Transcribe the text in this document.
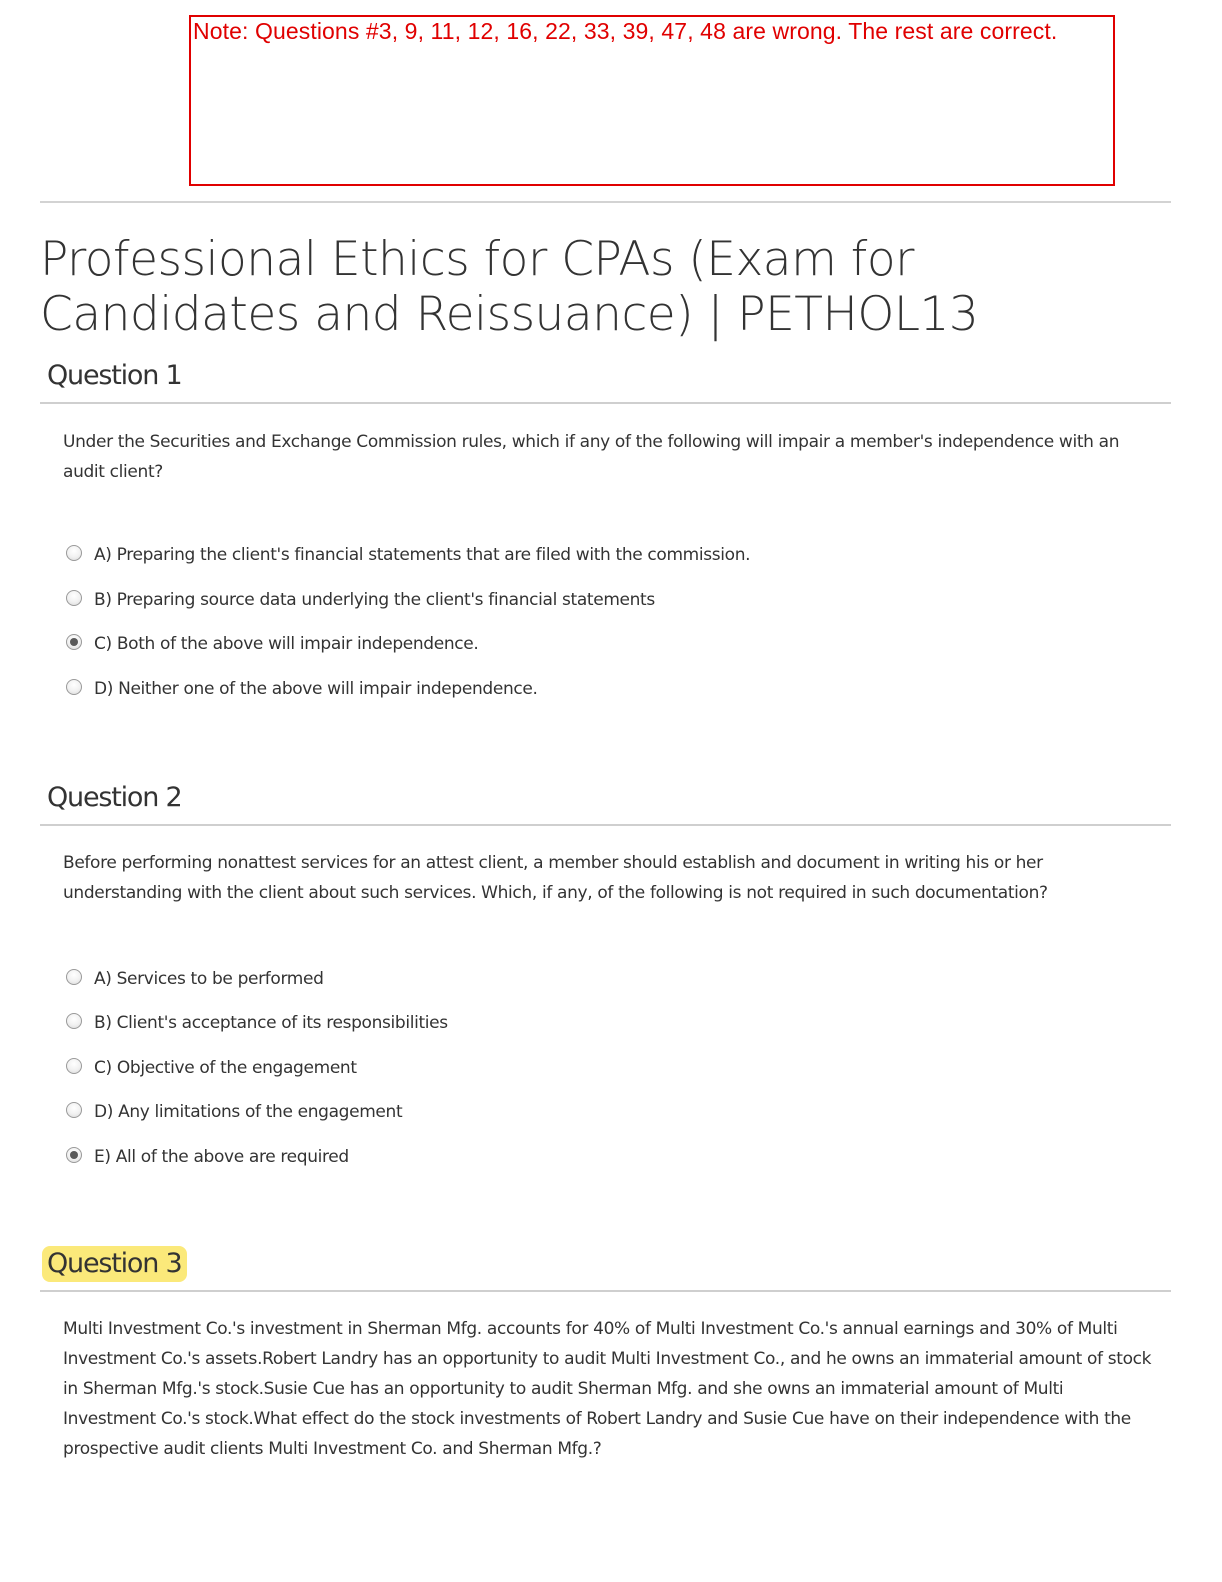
Note: Questions #3, 9, 11, 12, 16, 22, 33, 39, 47, 48 are wrong. The rest are correct.
Professional Ethics for CPAs (Exam for Candidates and Reissuance) | PETHOL13
Question 1

Under the Securities and Exchange Commission rules, which if any of the following will impair a member's independence with an audit client?

A) Preparing the client's financial statements that are filed with the commission.
B) Preparing source data underlying the client's financial statements
C) Both of the above will impair independence.
D) Neither one of the above will impair independence.
Question 2

Before performing nonattest services for an attest client, a member should establish and document in writing his or her understanding with the client about such services. Which, if any, of the following is not required in such documentation?

A) Services to be performed
B) Client's acceptance of its responsibilities
C) Objective of the engagement
D) Any limitations of the engagement
E) All of the above are required
Question 3

Multi Investment Co.'s investment in Sherman Mfg. accounts for 40% of Multi Investment Co.'s annual earnings and 30% of Multi Investment Co.'s assets.Robert Landry has an opportunity to audit Multi Investment Co., and he owns an immaterial amount of stock in Sherman Mfg.'s stock.Susie Cue has an opportunity to audit Sherman Mfg. and she owns an immaterial amount of Multi Investment Co.'s stock.What effect do the stock investments of Robert Landry and Susie Cue have on their independence with the prospective audit clients Multi Investment Co. and Sherman Mfg.?
